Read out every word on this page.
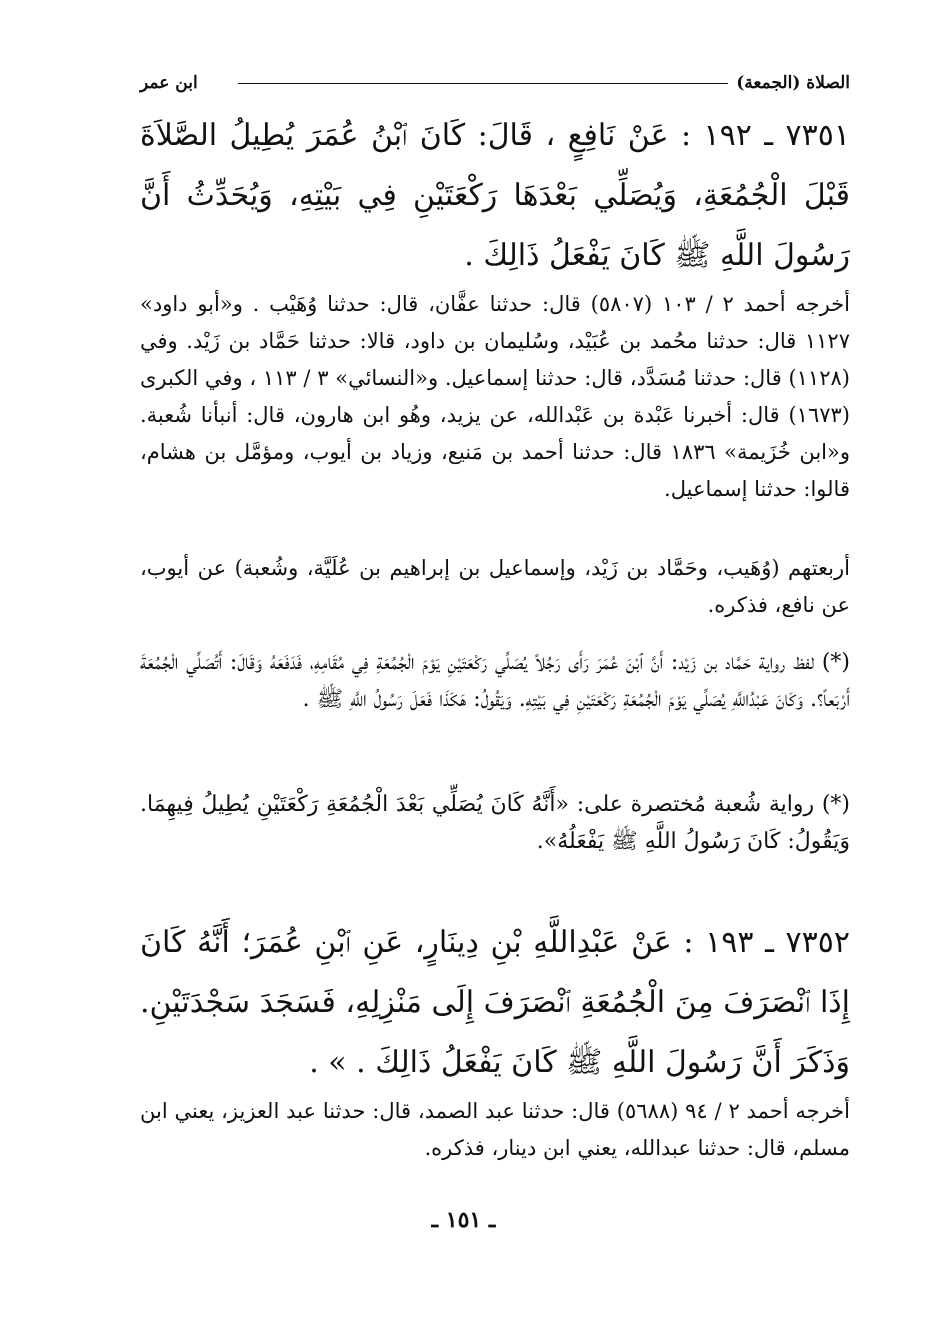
الصلاة (الجمعة)
ابن عمر
٧٣٥١ ـ ١٩٢ : عَنْ نَافِعٍ ، قَالَ: كَانَ ٱبْنُ عُمَرَ يُطِيلُ الصَّلاَةَ قَبْلَ الْجُمُعَةِ، وَيُصَلِّي بَعْدَهَا رَكْعَتَيْنِ فِي بَيْتِهِ، وَيُحَدِّثُ أَنَّ رَسُولَ اللَّهِ ﷺ كَانَ يَفْعَلُ ذَالِكَ .
أخرجه أحمد ٢ / ١٠٣ (٥٨٠٧) قال: حدثنا عفَّان، قال: حدثنا وُهَيْب . و«أبو داود» ١١٢٧ قال: حدثنا محُمد بن عُبَيْد، وسُليمان بن داود، قالا: حدثنا حَمَّاد بن زَيْد. وفي (١١٢٨) قال: حدثنا مُسَدَّد، قال: حدثنا إسماعيل. و«النسائي» ٣ / ١١٣ ، وفي الكبرى (١٦٧٣) قال: أخبرنا عَبْدة بن عَبْدالله، عن يزيد، وهُو ابن هارون، قال: أنبأنا شُعبة. و«ابن خُزَيمة» ١٨٣٦ قال: حدثنا أحمد بن مَنيع، وزياد بن أيوب، ومؤمَّل بن هشام، قالوا: حدثنا إسماعيل.
أربعتهم (وُهَيب، وحَمَّاد بن زَيْد، وإسماعيل بن إبراهيم بن عُلَيَّة، وشُعبة) عن أيوب، عن نافع، فذكره.
(*) لفظ رواية حَمَّاد بن زَيْد: أَنَّ ٱبْنَ عُمَرَ رَأَى رَجُلاً يُصَلِّي رَكْعَتَيْنِ يَوْمَ الْجُمُعَةِ فِي مُقَامِهِ، فَدَفَعَهُ وَقَالَ: أَتُصَلِّي الْجُمُعَةَ أَرْبَعاً؟. وَكَانَ عَبْدُاللَّهِ يُصَلِّي يَوْمَ الْجُمُعَةِ رَكْعَتَيْنِ فِي بَيْتِهِ. وَيَقُولُ: هَكَذَا فَعَلَ رَسُولُ اللَّهِ ﷺ .
(*) رواية شُعبة مُختصرة على: «أَنَّهُ كَانَ يُصَلِّي بَعْدَ الْجُمُعَةِ رَكْعَتَيْنِ يُطِيلُ فِيهِمَا. وَيَقُولُ: كَانَ رَسُولُ اللَّهِ ﷺ يَفْعَلُهُ».
٧٣٥٢ ـ ١٩٣ : عَنْ عَبْدِاللَّهِ بْنِ دِينَارٍ، عَنِ ٱبْنِ عُمَرَ؛ أَنَّهُ كَانَ إِذَا ٱنْصَرَفَ مِنَ الْجُمُعَةِ ٱنْصَرَفَ إِلَى مَنْزِلِهِ، فَسَجَدَ سَجْدَتَيْنِ. وَذَكَرَ أَنَّ رَسُولَ اللَّهِ ﷺ كَانَ يَفْعَلُ ذَالِكَ . » .
أخرجه أحمد ٢ / ٩٤ (٥٦٨٨) قال: حدثنا عبد الصمد، قال: حدثنا عبد العزيز، يعني ابن مسلم، قال: حدثنا عبدالله، يعني ابن دينار، فذكره.
ـ ١٥١ ـ
